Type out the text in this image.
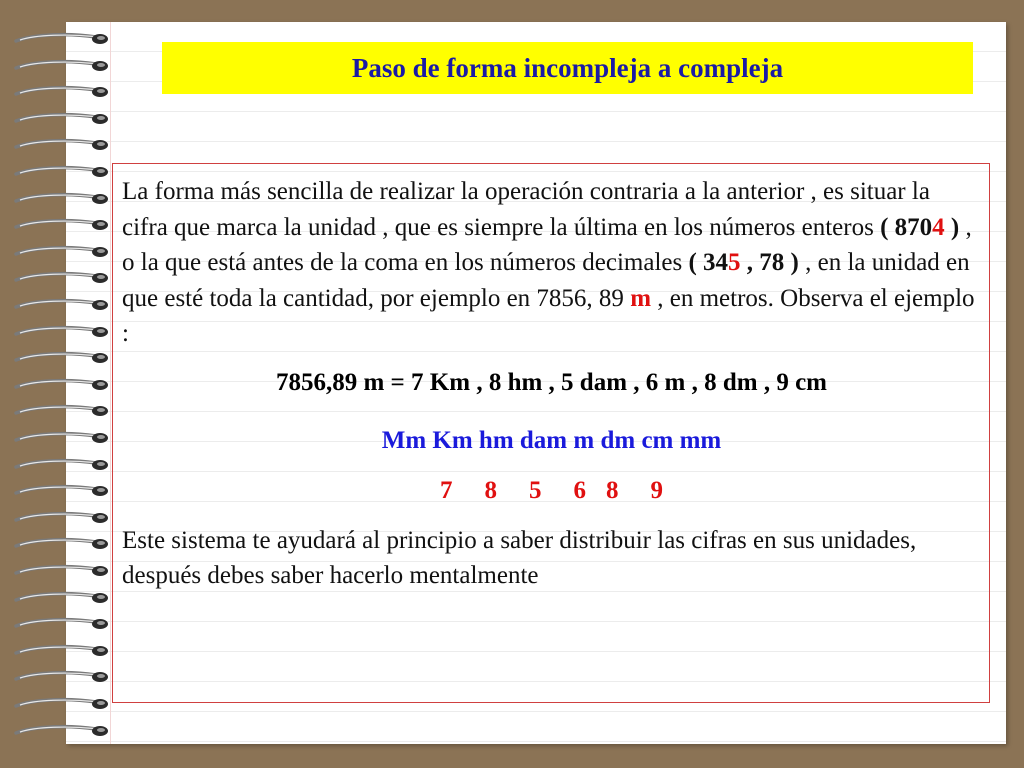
Paso de forma incompleja a compleja

La forma más sencilla de realizar la operación contraria a la anterior , es situar la cifra que marca la unidad , que es siempre la última en los números enteros ( 8704 ) , o la que está antes de la coma en los números decimales ( 345 , 78 ) , en la unidad en que esté toda la cantidad, por ejemplo en 7856, 89 m , en metros. Observa el ejemplo :

7856,89 m = 7 Km , 8 hm , 5 dam , 6 m , 8 dm , 9 cm

Mm Km hm dam m dm cm mm

7 8 5 6 8 9

Este sistema te ayudará al principio a saber distribuir las cifras en sus unidades, después debes saber hacerlo mentalmente
